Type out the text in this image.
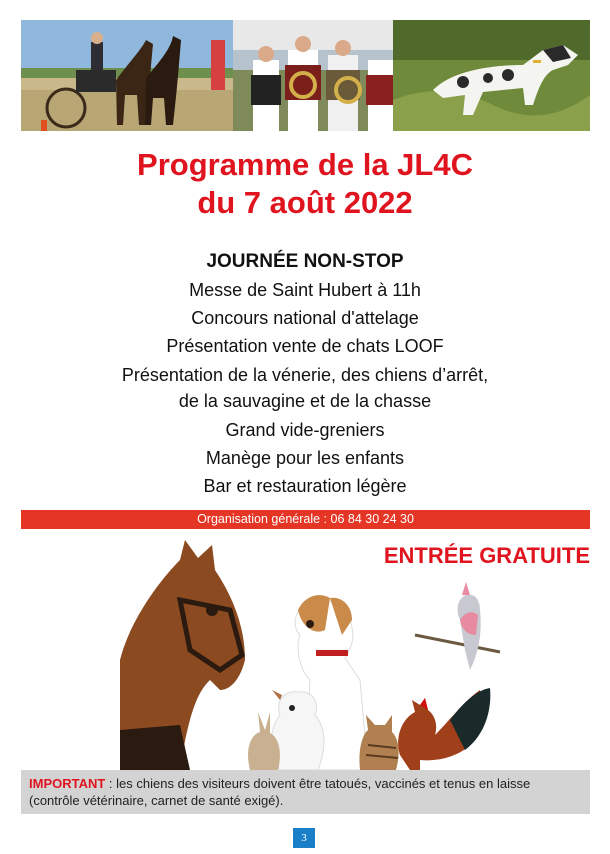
Programme de la JL4C
du 7 août 2022
JOURNÉE NON-STOP
Messe de Saint Hubert à 11h
Concours national d'attelage
Présentation vente de chats LOOF
Présentation de la vénerie, des chiens d’arrêt,
de la sauvagine et de la chasse
Grand vide-greniers
Manège pour les enfants
Bar et restauration légère
Organisation générale : 06 84 30 24 30
ENTRÉE GRATUITE
IMPORTANT : les chiens des visiteurs doivent être tatoués, vaccinés et tenus en laisse (contrôle vétérinaire, carnet de santé exigé).
3
